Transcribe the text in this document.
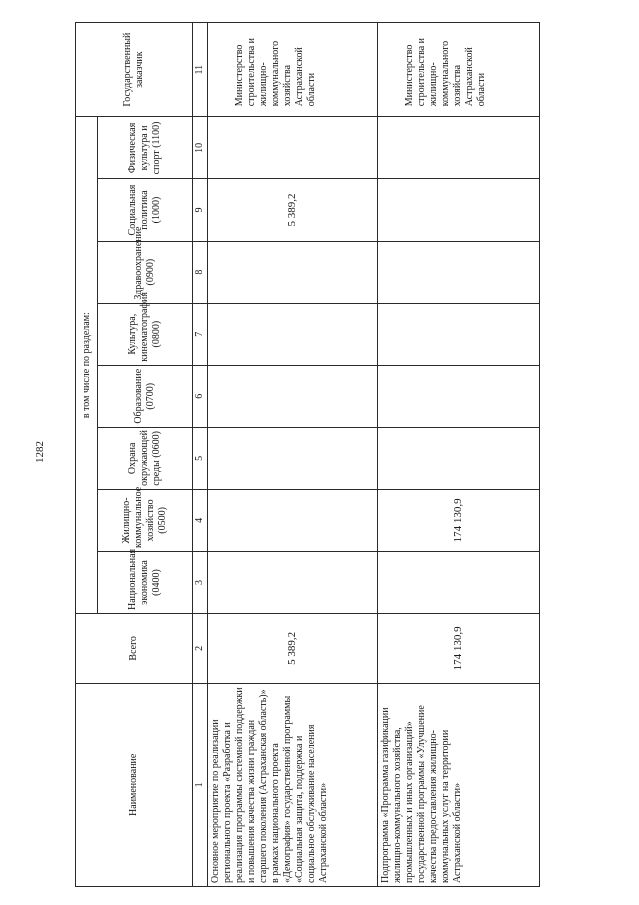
1282
Наименование	Всего	в том числе по разделам:								Государственный заказчик
		Национальная экономика (0400)	Жилищно-коммунальное хозяйство (0500)	Охрана окружающей среды (0600)	Образование (0700)	Культура, кинематография (0800)	Здравоохранение (0900)	Социальная политика (1000)	Физическая культура и спорт (1100)	
1	2	3	4	5	6	7	8	9	10	11
Основное мероприятие по реализации регионального проекта «Разработка и реализация программы системной поддержки и повышения качества жизни граждан старшего поколения (Астраханская область)» в рамках национального проекта «Демография» государственной программы «Социальная защита, поддержка и социальное обслуживание населения Астраханской области»	5 389,2							5 389,2		Министерство строительства и жилищно-коммунального хозяйства Астраханской области
Подпрограмма «Программа газификации жилищно-коммунального хозяйства, промышленных и иных организаций» государственной программы «Улучшение качества предоставления жилищно-коммунальных услуг на территории Астраханской области»	174 130,9		174 130,9							Министерство строительства и жилищно-коммунального хозяйства Астраханской области
